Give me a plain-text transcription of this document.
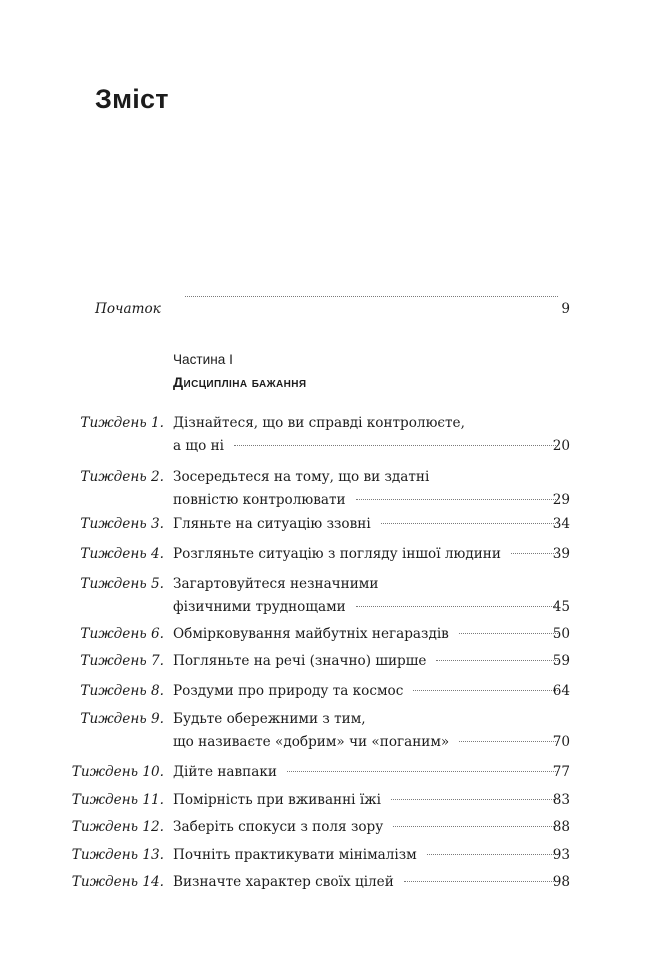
Зміст
Початок	9
Тиждень 1. Дізнайтеся, що ви справді контролюєте,
а що ні	20
Тиждень 2. Зосередьтеся на тому, що ви здатні
повністю контролювати	29
Тиждень 3. Гляньте на ситуацію ззовні	34
Тиждень 4. Розгляньте ситуацію з погляду іншої людини	39
Тиждень 5. Загартовуйтеся незначними
фізичними труднощами	45
Тиждень 6. Обмірковування майбутніх негараздів	50
Тиждень 7. Погляньте на речі (значно) ширше	59
Тиждень 8. Роздуми про природу та космос	64
Тиждень 9. Будьте обережними з тим,
що називаєте «добрим» чи «поганим»	70
Тиждень 10. Дійте навпаки	77
Тиждень 11. Помірність при вживанні їжі	83
Тиждень 12. Заберіть спокуси з поля зору	88
Тиждень 13. Почніть практикувати мінімалізм	93
Тиждень 14. Визначте характер своїх цілей	98
Частина I
Дисципліна бажання
